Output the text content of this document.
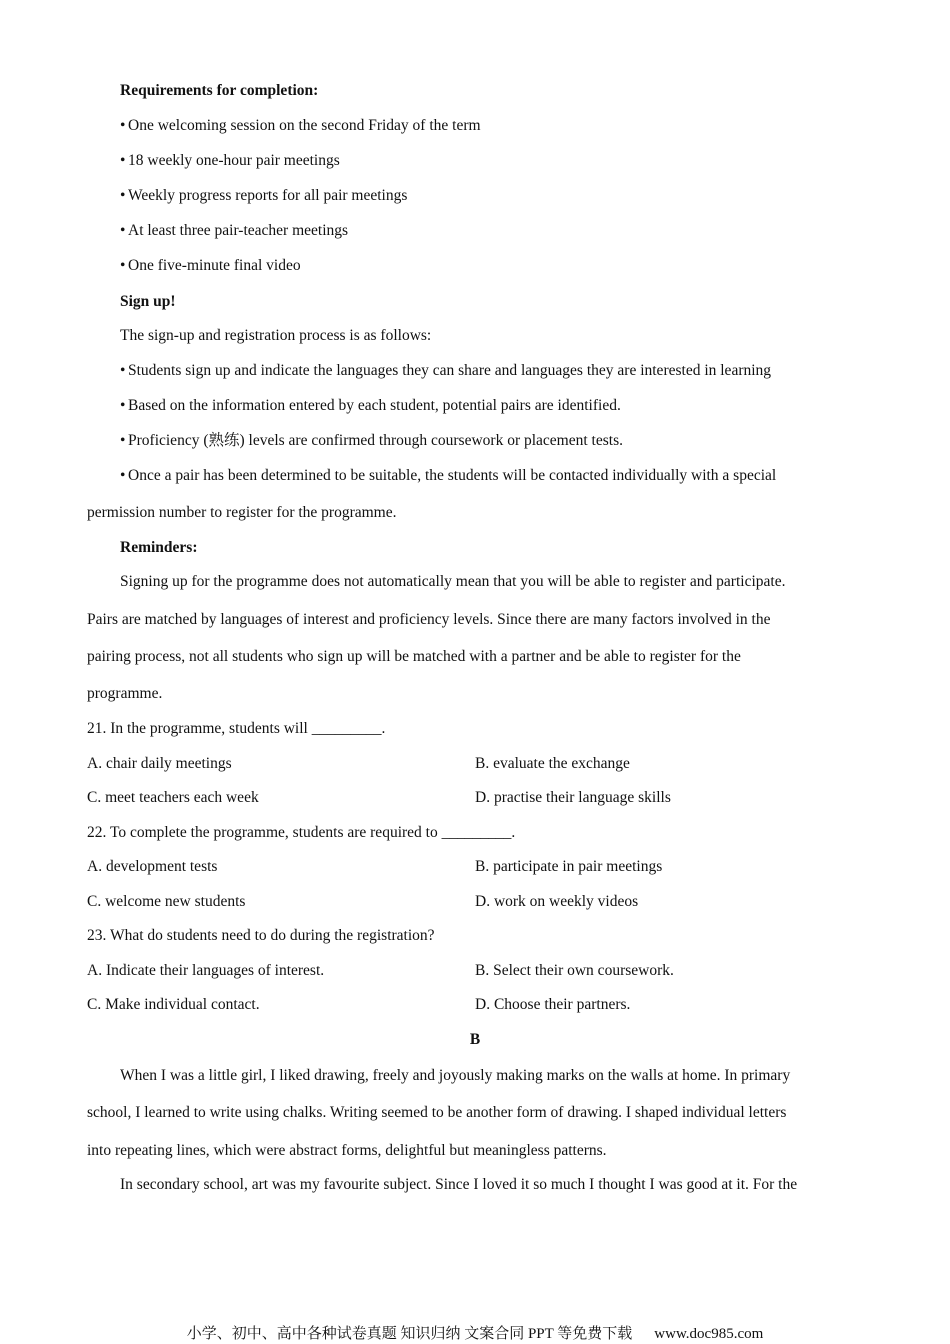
Requirements for completion:
• One welcoming session on the second Friday of the term
• 18 weekly one-hour pair meetings
• Weekly progress reports for all pair meetings
• At least three pair-teacher meetings
• One five-minute final video
Sign up!
The sign-up and registration process is as follows:
• Students sign up and indicate the languages they can share and languages they are interested in learning
• Based on the information entered by each student, potential pairs are identified.
• Proficiency (熟练) levels are confirmed through coursework or placement tests.
• Once a pair has been determined to be suitable, the students will be contacted individually with a special
permission number to register for the programme.
Reminders:
Signing up for the programme does not automatically mean that you will be able to register and participate.
Pairs are matched by languages of interest and proficiency levels. Since there are many factors involved in the
pairing process, not all students who sign up will be matched with a partner and be able to register for the
programme.
21. In the programme, students will _________.
A. chair daily meetings	B. evaluate the exchange
C. meet teachers each week	D. practise their language skills
22. To complete the programme, students are required to _________.
A. development tests	B. participate in pair meetings
C. welcome new students	D. work on weekly videos
23. What do students need to do during the registration?
A. Indicate their languages of interest.	B. Select their own coursework.
C. Make individual contact.	D. Choose their partners.
B
When I was a little girl, I liked drawing, freely and joyously making marks on the walls at home. In primary
school, I learned to write using chalks. Writing seemed to be another form of drawing. I shaped individual letters
into repeating lines, which were abstract forms, delightful but meaningless patterns.
In secondary school, art was my favourite subject. Since I loved it so much I thought I was good at it. For the
小学、初中、高中各种试卷真题 知识归纳 文案合同 PPT 等免费下载 www.doc985.com
